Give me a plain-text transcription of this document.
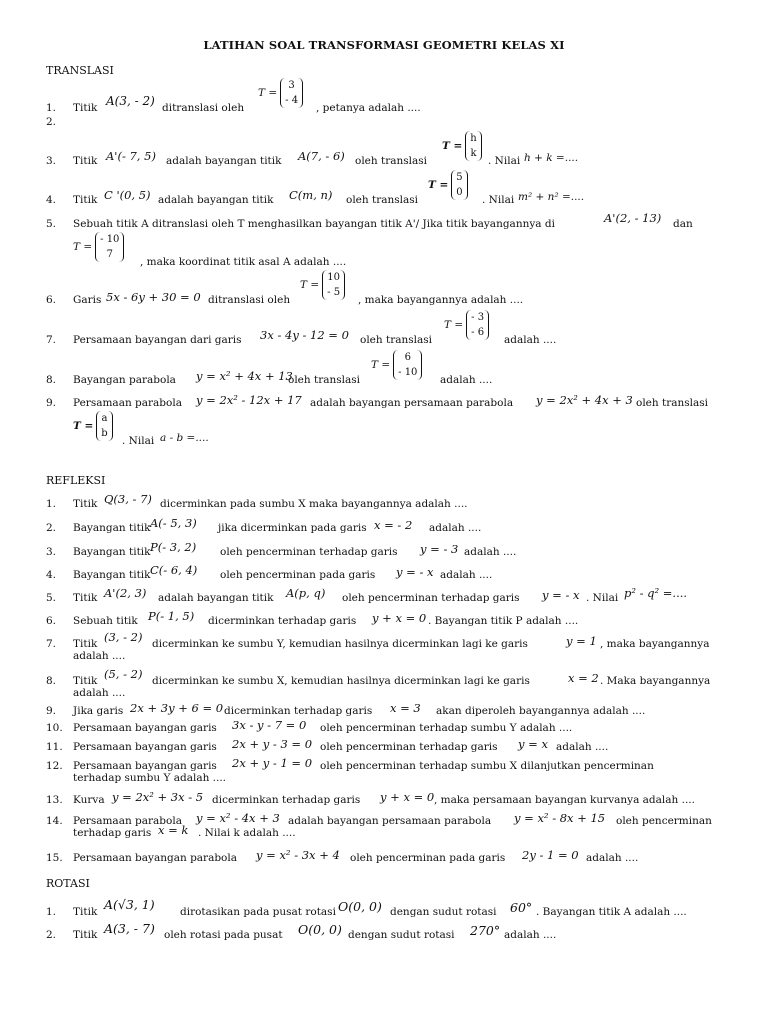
LATIHAN SOAL TRANSFORMASI GEOMETRI KELAS XI
TRANSLASI
1. Titik A(3, - 2) ditranslasi oleh
T =
3
- 4
, petanya adalah ....
2.
3. Titik A'(- 7, 5) adalah bayangan titik A(7, - 6) oleh translasi
T =
h
k
. Nilai h + k =....
4. Titik C '(0, 5) adalah bayangan titik C(m, n) oleh translasi
T =
5
0
. Nilai m² + n² =....
5. Sebuah titik A ditranslasi oleh T menghasilkan bayangan titik A'/ Jika titik bayangannya di	A'(2, - 13) dan
T =
- 10
7
, maka koordinat titik asal A adalah ....
6. Garis 5x - 6y + 30 = 0 ditranslasi oleh
T =
10
- 5
, maka bayangannya adalah ....
7. Persamaan bayangan dari garis 3x - 4y - 12 = 0 oleh translasi
T =
- 3
- 6
adalah ....
8. Bayangan parabola y = x² + 4x + 13
oleh translasi
T =
6
- 10
adalah ....
9. Persamaan parabola y = 2x² - 12x + 17 adalah bayangan persamaan parabola y = 2x² + 4x + 3 oleh translasi
T =
a
b
. Nilai a - b =....
REFLEKSI
1. Titik Q(3, - 7) dicerminkan pada sumbu X maka bayangannya adalah ....
2. Bayangan titik A(- 5, 3) jika dicerminkan pada garis x = - 2 adalah ....
3. Bayangan titik P(- 3, 2) oleh pencerminan terhadap garis y = - 3 adalah ....
4. Bayangan titik C(- 6, 4) oleh pencerminan pada garis y = - x adalah ....
5. Titik A'(2, 3) adalah bayangan titik A(p, q) oleh pencerminan terhadap garis y = - x . Nilai p² - q² =....
6. Sebuah titik P(- 1, 5) dicerminkan terhadap garis y + x = 0 . Bayangan titik P adalah ....
7. Titik (3, - 2) dicerminkan ke sumbu Y, kemudian hasilnya dicerminkan lagi ke garis	y = 1 , maka bayangannya
adalah ....
8. Titik (5, - 2) dicerminkan ke sumbu X, kemudian hasilnya dicerminkan lagi ke garis	x = 2 . Maka bayangannya
adalah ....
9. Jika garis 2x + 3y + 6 = 0 dicerminkan terhadap garis x = 3 akan diperoleh bayangannya adalah ....
10. Persamaan bayangan garis 3x - y - 7 = 0 oleh pencerminan terhadap sumbu Y adalah ....
11. Persamaan bayangan garis 2x + y - 3 = 0 oleh pencerminan terhadap garis y = x adalah ....
12. Persamaan bayangan garis 2x + y - 1 = 0 oleh pencerminan terhadap sumbu X dilanjutkan pencerminan
terhadap sumbu Y adalah ....
13. Kurva y = 2x² + 3x - 5 dicerminkan terhadap garis y + x = 0 , maka persamaan bayangan kurvanya adalah ....
14. Persamaan parabola y = x² - 4x + 3 adalah bayangan persamaan parabola y = x² - 8x + 15 oleh pencerminan
terhadap garis x = k . Nilai k adalah ....
15. Persamaan bayangan parabola y = x² - 3x + 4 oleh pencerminan pada garis 2y - 1 = 0 adalah ....
ROTASI
1. Titik A(√3, 1) dirotasikan pada pusat rotasi O(0, 0) dengan sudut rotasi 60° . Bayangan titik A adalah ....
2. Titik A(3, - 7) oleh rotasi pada pusat O(0, 0) dengan sudut rotasi 270° adalah ....
